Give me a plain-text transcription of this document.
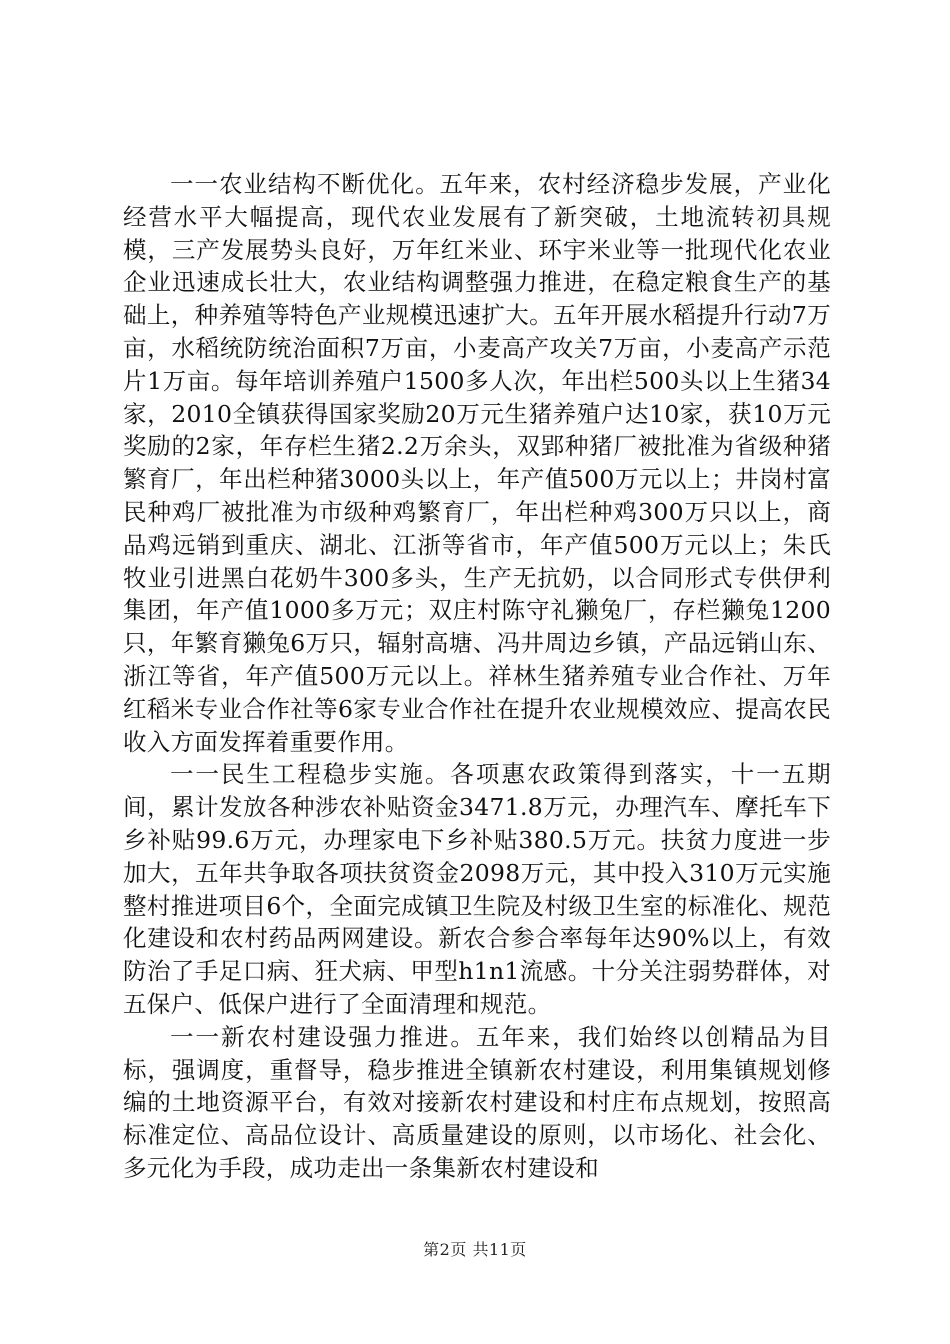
一一农业结构不断优化。五年来，农村经济稳步发展，产业化经营水平大幅提高，现代农业发展有了新突破，土地流转初具规模，三产发展势头良好，万年红米业、环宇米业等一批现代化农业企业迅速成长壮大，农业结构调整强力推进，在稳定粮食生产的基础上，种养殖等特色产业规模迅速扩大。五年开展水稻提升行动7万亩，水稻统防统治面积7万亩，小麦高产攻关7万亩，小麦高产示范片1万亩。每年培训养殖户1500多人次，年出栏500头以上生猪34家，2010全镇获得国家奖励20万元生猪养殖户达10家，获10万元奖励的2家，年存栏生猪2.2万余头，双郢种猪厂被批准为省级种猪繁育厂，年出栏种猪3000头以上，年产值500万元以上；井岗村富民种鸡厂被批准为市级种鸡繁育厂，年出栏种鸡300万只以上，商品鸡远销到重庆、湖北、江浙等省市，年产值500万元以上；朱氏牧业引进黑白花奶牛300多头，生产无抗奶，以合同形式专供伊利集团，年产值1000多万元；双庄村陈守礼獭兔厂，存栏獭兔1200只，年繁育獭兔6万只，辐射高塘、冯井周边乡镇，产品远销山东、浙江等省，年产值500万元以上。祥林生猪养殖专业合作社、万年红稻米专业合作社等6家专业合作社在提升农业规模效应、提高农民收入方面发挥着重要作用。

一一民生工程稳步实施。各项惠农政策得到落实，十一五期间，累计发放各种涉农补贴资金3471.8万元，办理汽车、摩托车下乡补贴99.6万元，办理家电下乡补贴380.5万元。扶贫力度进一步加大，五年共争取各项扶贫资金2098万元，其中投入310万元实施整村推进项目6个，全面完成镇卫生院及村级卫生室的标准化、规范化建设和农村药品两网建设。新农合参合率每年达90%以上，有效防治了手足口病、狂犬病、甲型h1n1流感。十分关注弱势群体，对五保户、低保户进行了全面清理和规范。

一一新农村建设强力推进。五年来，我们始终以创精品为目标，强调度，重督导，稳步推进全镇新农村建设，利用集镇规划修编的土地资源平台，有效对接新农村建设和村庄布点规划，按照高标准定位、高品位设计、高质量建设的原则，以市场化、社会化、多元化为手段，成功走出一条集新农村建设和

第2页 共11页
